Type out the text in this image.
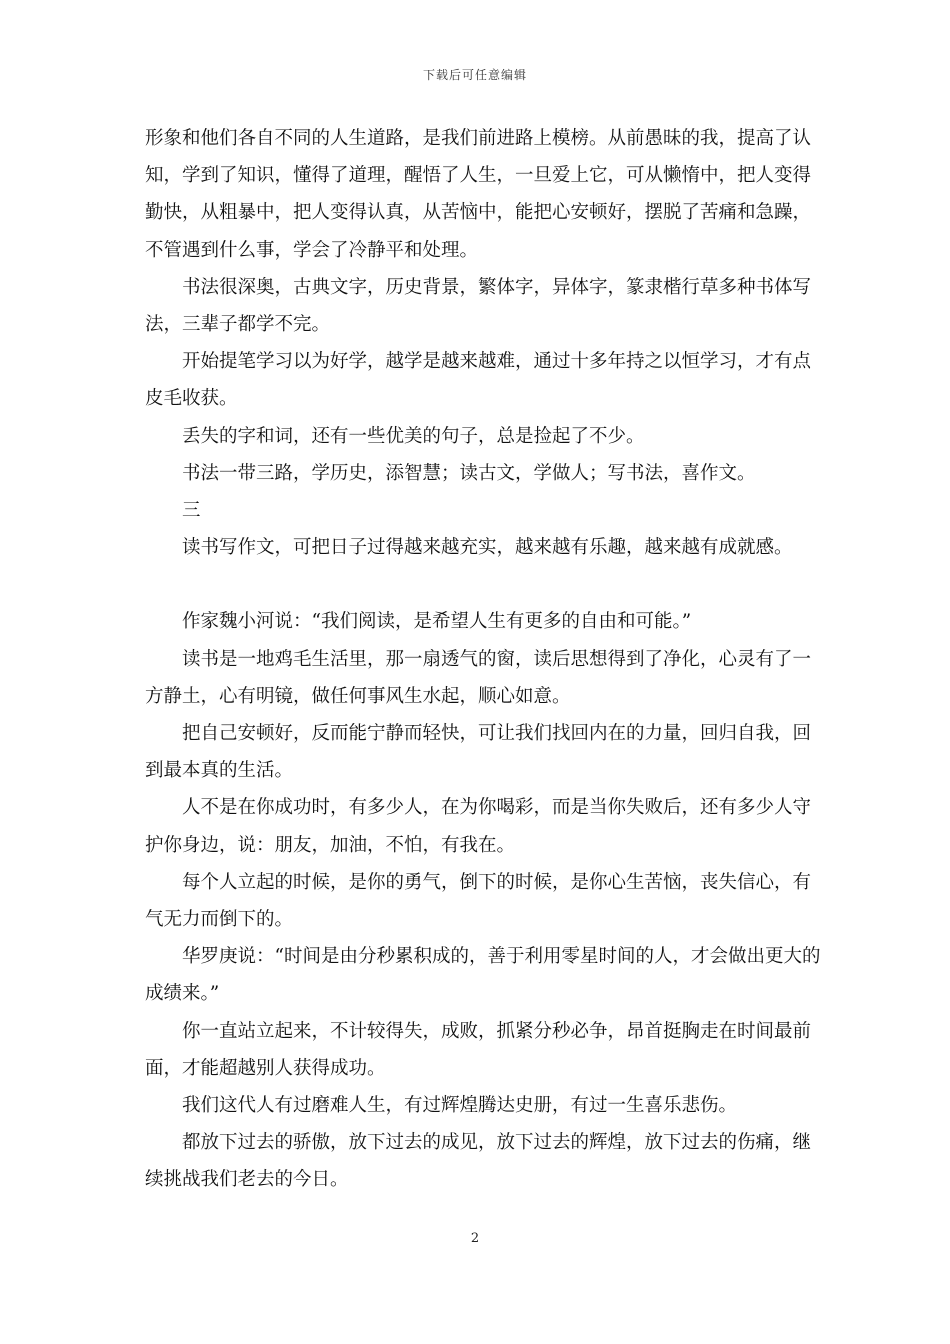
下载后可任意编辑

形象和他们各自不同的人生道路，是我们前进路上模榜。从前愚昧的我，提高了认知，学到了知识，懂得了道理，醒悟了人生，一旦爱上它，可从懒惰中，把人变得勤快，从粗暴中，把人变得认真，从苦恼中，能把心安顿好，摆脱了苦痛和急躁，不管遇到什么事，学会了冷静平和处理。

书法很深奥，古典文字，历史背景，繁体字，异体字，篆隶楷行草多种书体写法，三辈子都学不完。

开始提笔学习以为好学，越学是越来越难，通过十多年持之以恒学习，才有点皮毛收获。

丢失的字和词，还有一些优美的句子，总是捡起了不少。

书法一带三路，学历史，添智慧；读古文，学做人；写书法，喜作文。

三

读书写作文，可把日子过得越来越充实，越来越有乐趣，越来越有成就感。

作家魏小河说：“我们阅读，是希望人生有更多的自由和可能。”

读书是一地鸡毛生活里，那一扇透气的窗，读后思想得到了净化，心灵有了一方静土，心有明镜，做任何事风生水起，顺心如意。

把自己安顿好，反而能宁静而轻快，可让我们找回内在的力量，回归自我，回到最本真的生活。

人不是在你成功时，有多少人，在为你喝彩，而是当你失败后，还有多少人守护你身边，说：朋友，加油，不怕，有我在。

每个人立起的时候，是你的勇气，倒下的时候，是你心生苦恼，丧失信心，有气无力而倒下的。

华罗庚说：“时间是由分秒累积成的，善于利用零星时间的人，才会做出更大的成绩来。”

你一直站立起来，不计较得失，成败，抓紧分秒必争，昂首挺胸走在时间最前面，才能超越别人获得成功。

我们这代人有过磨难人生，有过辉煌腾达史册，有过一生喜乐悲伤。

都放下过去的骄傲，放下过去的成见，放下过去的辉煌，放下过去的伤痛，继续挑战我们老去的今日。

2
